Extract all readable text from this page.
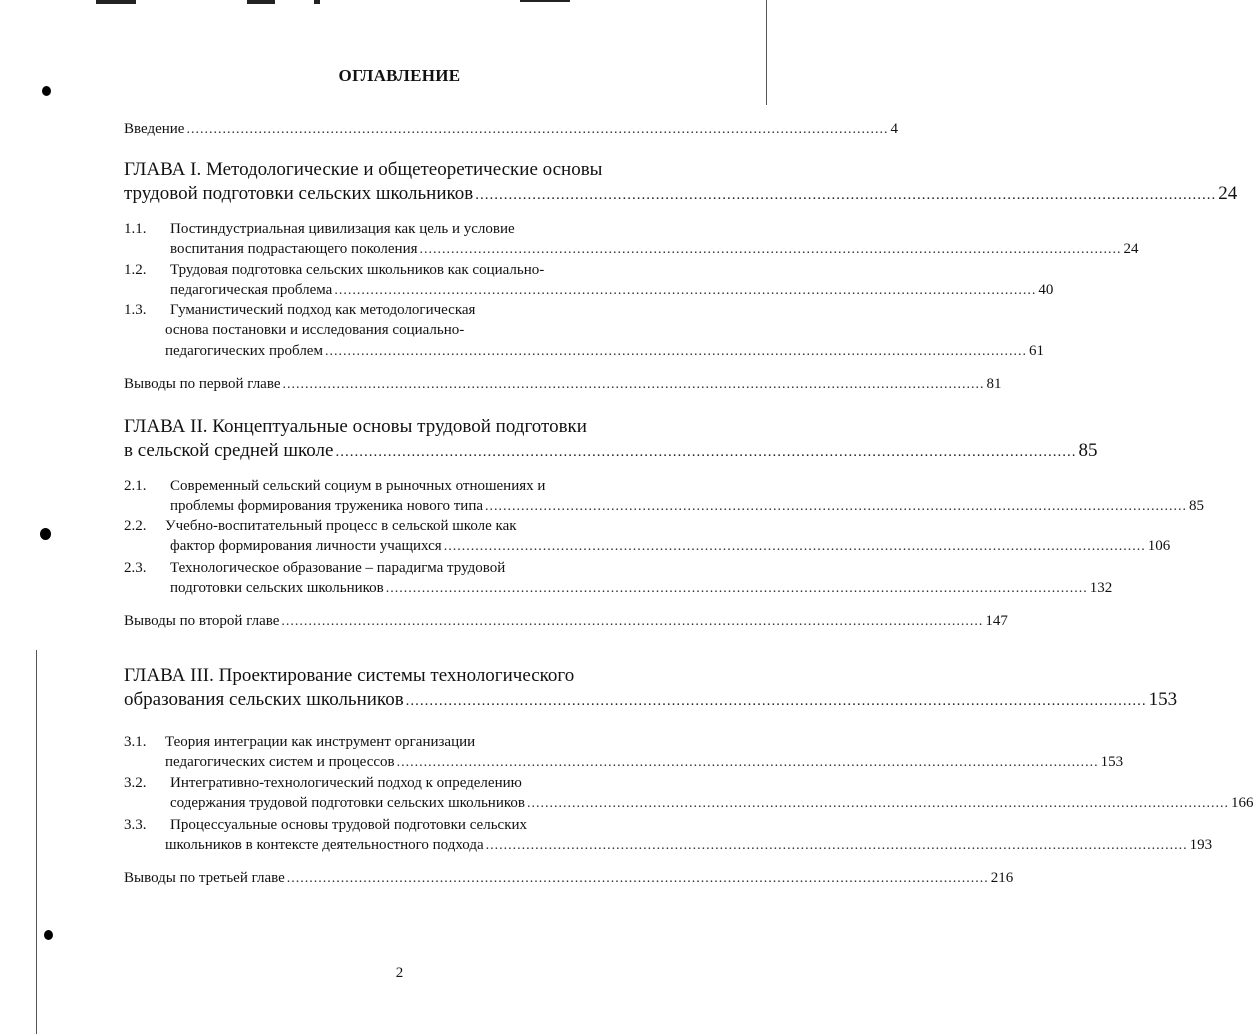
ОГЛАВЛЕНИЕ
Введение ............................................................................................................................................................ 4
ГЛАВА I. Методологические и общетеоретические основы
трудовой подготовки сельских школьников ............................................................................................................................................................ 24
1.1. Постиндустриальная цивилизация как цель и условие
воспитания подрастающего поколения ............................................................................................................................................................ 24
1.2. Трудовая подготовка сельских школьников как социально-
педагогическая проблема ............................................................................................................................................................ 40
1.3. Гуманистический подход как методологическая
основа постановки и исследования социально-
педагогических проблем ............................................................................................................................................................ 61
Выводы по первой главе ............................................................................................................................................................ 81
ГЛАВА II. Концептуальные основы трудовой подготовки
в сельской средней школе ............................................................................................................................................................ 85
2.1. Современный сельский социум в рыночных отношениях и
проблемы формирования труженика нового типа ............................................................................................................................................................ 85
2.2. Учебно-воспитательный процесс в сельской школе как
фактор формирования личности учащихся ............................................................................................................................................................ 106
2.3. Технологическое образование – парадигма трудовой
подготовки сельских школьников ............................................................................................................................................................ 132
Выводы по второй главе ............................................................................................................................................................ 147
ГЛАВА III. Проектирование системы технологического
образования сельских школьников ............................................................................................................................................................ 153
3.1. Теория интеграции как инструмент организации
педагогических систем и процессов ............................................................................................................................................................ 153
3.2. Интегративно-технологический подход к определению
содержания трудовой подготовки сельских школьников ............................................................................................................................................................ 166
3.3. Процессуальные основы трудовой подготовки сельских
школьников в контексте деятельностного подхода ............................................................................................................................................................ 193
Выводы по третьей главе ............................................................................................................................................................ 216
2
